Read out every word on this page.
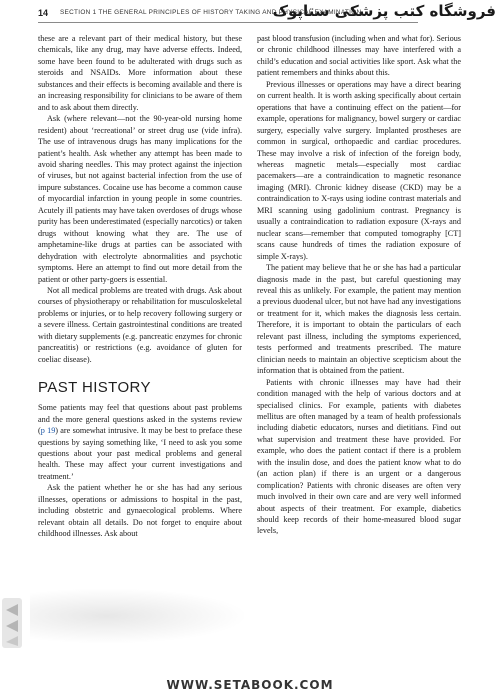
14 SECTION 1 THE GENERAL PRINCIPLES OF HISTORY TAKING AND PHYSICAL EXAMINATION
فروشگاه کتب پزشکی ستاپوک

these are a relevant part of their medical history, but these chemicals, like any drug, may have adverse effects. Indeed, some have been found to be adulterated with drugs such as steroids and NSAIDs. More information about these substances and their effects is becoming available and there is an increasing responsibility for clinicians to be aware of them and to ask about them directly.

Ask (where relevant—not the 90-year-old nursing home resident) about ‘recreational’ or street drug use (vide infra). The use of intravenous drugs has many implications for the patient’s health. Ask whether any attempt has been made to avoid sharing needles. This may protect against the injection of viruses, but not against bacterial infection from the use of impure substances. Cocaine use has become a common cause of myocardial infarction in young people in some countries. Acutely ill patients may have taken overdoses of drugs whose purity has been underestimated (especially narcotics) or taken drugs without knowing what they are. The use of amphetamine-like drugs at parties can be associated with dehydration with electrolyte abnormalities and psychotic symptoms. Here an attempt to find out more detail from the patient or other party-goers is essential.

Not all medical problems are treated with drugs. Ask about courses of physiotherapy or rehabilitation for musculoskeletal problems or injuries, or to help recovery following surgery or a severe illness. Certain gastrointestinal conditions are treated with dietary supplements (e.g. pancreatic enzymes for chronic pancreatitis) or restrictions (e.g. avoidance of gluten for coeliac disease).

PAST HISTORY

Some patients may feel that questions about past problems and the more general questions asked in the systems review (p 19) are somewhat intrusive. It may be best to preface these questions by saying something like, ‘I need to ask you some questions about your past medical problems and general health. These may affect your current investigations and treatment.’

Ask the patient whether he or she has had any serious illnesses, operations or admissions to hospital in the past, including obstetric and gynaecological problems. Where relevant obtain all details. Do not forget to enquire about childhood illnesses. Ask about

past blood transfusion (including when and what for). Serious or chronic childhood illnesses may have interfered with a child’s education and social activities like sport. Ask what the patient remembers and thinks about this.

Previous illnesses or operations may have a direct bearing on current health. It is worth asking specifically about certain operations that have a continuing effect on the patient—for example, operations for malignancy, bowel surgery or cardiac surgery, especially valve surgery. Implanted prostheses are common in surgical, orthopaedic and cardiac procedures. These may involve a risk of infection of the foreign body, whereas magnetic metals—especially most cardiac pacemakers—are a contraindication to magnetic resonance imaging (MRI). Chronic kidney disease (CKD) may be a contraindication to X-rays using iodine contrast materials and MRI scanning using gadolinium contrast. Pregnancy is usually a contraindication to radiation exposure (X-rays and nuclear scans—remember that computed tomography [CT] scans cause hundreds of times the radiation exposure of simple X-rays).

The patient may believe that he or she has had a particular diagnosis made in the past, but careful questioning may reveal this as unlikely. For example, the patient may mention a previous duodenal ulcer, but not have had any investigations or treatment for it, which makes the diagnosis less certain. Therefore, it is important to obtain the particulars of each relevant past illness, including the symptoms experienced, tests performed and treatments prescribed. The mature clinician needs to maintain an objective scepticism about the information that is obtained from the patient.

Patients with chronic illnesses may have had their condition managed with the help of various doctors and at specialised clinics. For example, patients with diabetes mellitus are often managed by a team of health professionals including diabetic educators, nurses and dietitians. Find out what supervision and treatment these have provided. For example, who does the patient contact if there is a problem with the insulin dose, and does the patient know what to do (an action plan) if there is an urgent or a dangerous complication? Patients with chronic diseases are often very much involved in their own care and are very well informed about aspects of their treatment. For example, diabetics should keep records of their home-measured blood sugar levels,

WWW.SETABOOK.COM
